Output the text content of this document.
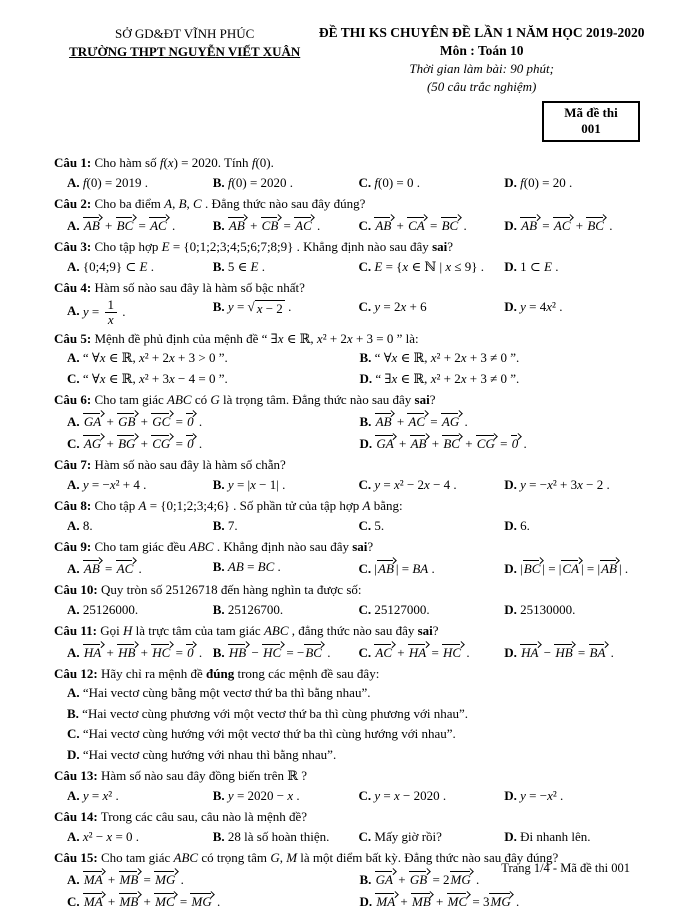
SỞ GD&ĐT VĨNH PHÚC
TRƯỜNG THPT NGUYỄN VIẾT XUÂN
ĐỀ THI KS CHUYÊN ĐỀ LẦN 1 NĂM HỌC 2019-2020
Môn : Toán 10
Thời gian làm bài: 90 phút;
(50 câu trắc nghiệm)
Mã đề thi
001
Câu 1: Cho hàm số f(x) = 2020. Tính f(0).
A. f(0) = 2019 .	B. f(0) = 2020 .	C. f(0) = 0 .	D. f(0) = 20 .
Câu 2: Cho ba điểm A, B, C . Đẳng thức nào sau đây đúng?
A. AB + BC = AC .	B. AB + CB = AC .	C. AB + CA = BC .	D. AB = AC + BC .
Câu 3: Cho tập hợp E = {0;1;2;3;4;5;6;7;8;9} . Khẳng định nào sau đây sai?
A. {0;4;9} ⊂ E .	B. 5 ∈ E .	C. E = {x ∈ ℕ | x ≤ 9} .	D. 1 ⊂ E .
Câu 4: Hàm số nào sau đây là hàm số bậc nhất?
A. $y = \frac{1}{x}$ .	B. y = √ x − 2 .	C. y = 2x + 6	D. y = 4x² .
Câu 5: Mệnh đề phủ định của mệnh đề “ ∃x ∈ ℝ, x² + 2x + 3 = 0 ” là:
A. “ ∀x ∈ ℝ, x² + 2x + 3 > 0 ”.	B. “ ∀x ∈ ℝ, x² + 2x + 3 ≠ 0 ”.
C. “ ∀x ∈ ℝ, x² + 3x − 4 = 0 ”.	D. “ ∃x ∈ ℝ, x² + 2x + 3 ≠ 0 ”.
Câu 6: Cho tam giác ABC có G là trọng tâm. Đẳng thức nào sau đây sai?
A. GA + GB + GC = 0 .	B. AB + AC = AG .
C. AG + BG + CG = 0 .	D. GA + AB + BC + CG = 0 .
Câu 7: Hàm số nào sau đây là hàm số chẵn?
A. y = −x² + 4 .	B. y = |x − 1| .	C. y = x² − 2x − 4 .	D. y = −x² + 3x − 2 .
Câu 8: Cho tập A = {0;1;2;3;4;6} . Số phần tử của tập hợp A bằng:
A. 8.	B. 7.	C. 5.	D. 6.
Câu 9: Cho tam giác đều ABC . Khẳng định nào sau đây sai?
A. AB = AC .	B. AB = BC .	C. |AB | = BA .	D. |BC | = |CA | = |AB | .
Câu 10: Quy tròn số 25126718 đến hàng nghìn ta được số:
A. 25126000.	B. 25126700.	C. 25127000.	D. 25130000.
Câu 11: Gọi H là trực tâm của tam giác ABC , đẳng thức nào sau đây sai?
A. HA + HB + HC = 0 . B. HB − HC = −BC .	C. AC + HA = HC .	D. HA − HB = BA .
Câu 12: Hãy chỉ ra mệnh đề đúng trong các mệnh đề sau đây:
A. “Hai vectơ cùng bằng một vectơ thứ ba thì bằng nhau”.
B. “Hai vectơ cùng phương với một vectơ thứ ba thì cùng phương với nhau”.
C. “Hai vectơ cùng hướng với một vectơ thứ ba thì cùng hướng với nhau”.
D. “Hai vectơ cùng hướng với nhau thì bằng nhau”.
Câu 13: Hàm số nào sau đây đồng biến trên ℝ ?
A. y = x² .	B. y = 2020 − x .	C. y = x − 2020 .	D. y = −x² .
Câu 14: Trong các câu sau, câu nào là mệnh đề?
A. x² − x = 0 .	B. 28 là số hoàn thiện.	C. Mấy giờ rồi?	D. Đi nhanh lên.
Câu 15: Cho tam giác ABC có trọng tâm G, M là một điểm bất kỳ. Đẳng thức nào sau đây đúng?
A. MA + MB = MG .	B. GA + GB = 2MG .
C. MA + MB + MC = MG .	D. MA + MB + MC = 3MG .
Trang 1/4 - Mã đề thi 001
